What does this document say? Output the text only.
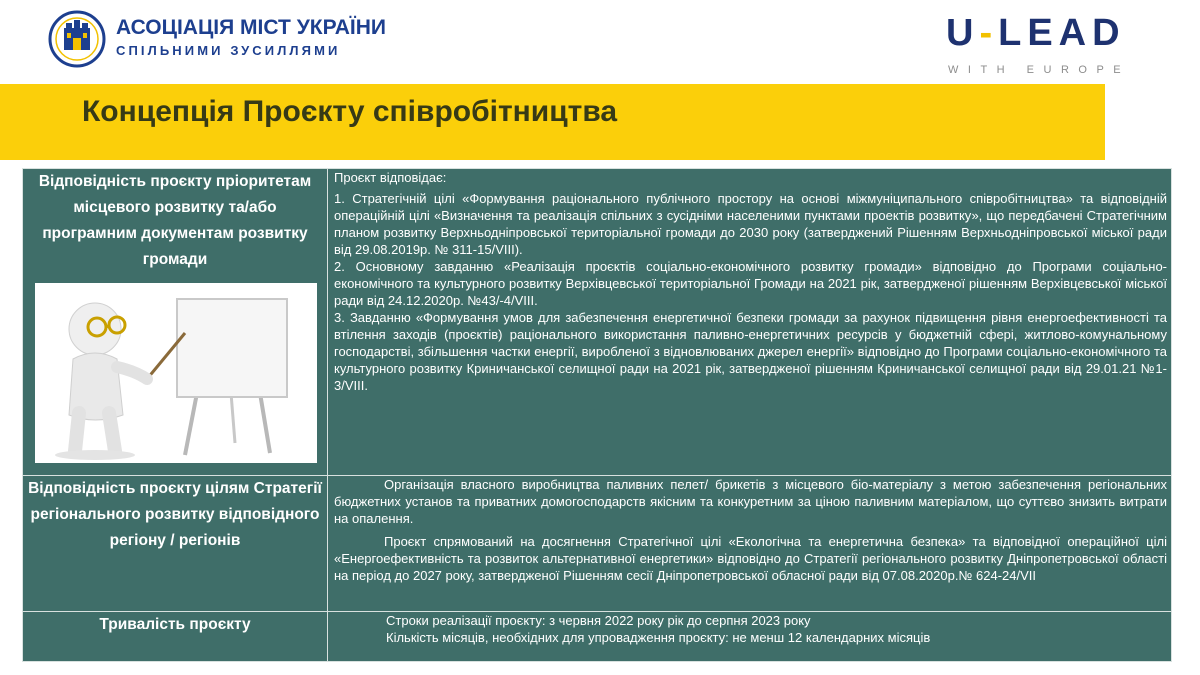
АСОЦІАЦІЯ МІСТ УКРАЇНИ
СПІЛЬНИМИ ЗУСИЛЛЯМИ	U-LEAD
WITH EUROPE
Концепція Проєкту співробітництва
Відповідність проєкту пріоритетам місцевого розвитку та/або програмним документам розвитку громади	Проєкт відповідає:

1. Стратегічній цілі «Формування раціонального публічного простору на основі міжмуніципального співробітництва» та відповідній операційній цілі «Визначення та реалізація спільних з сусідніми населеними пунктами проектів розвитку», що передбачені Стратегічним планом розвитку Верхньодніпровської територіальної громади до 2030 року (затверджений Рішенням Верхньодніпровської міської ради від 29.08.2019р. № 311-15/VIII).

2. Основному завданню «Реалізація проєктів соціально-економічного розвитку громади» відповідно до Програми соціально-економічного та культурного розвитку Верхівцевської територіальної Громади на 2021 рік, затвердженої рішенням Верхівцевської міської ради від 24.12.2020р. №43/-4/VIII.

3. Завданню «Формування умов для забезпечення енергетичної безпеки громади за рахунок підвищення рівня енергоефективності та втілення заходів (проєктів) раціонального використання паливно-енергетичних ресурсів у бюджетній сфері, житлово-комунальному господарстві, збільшення частки енергії, виробленої з відновлюваних джерел енергії» відповідно до Програми соціально-економічного та культурного розвитку Криничанської селищної ради на 2021 рік, затвердженої рішенням Криничанської селищної ради від 29.01.21 №1-3/VIII.

Відповідність проєкту цілям Стратегії регіонального розвитку відповідного регіону / регіонів	Організація власного виробництва паливних пелет/ брикетів з місцевого біо-матеріалу з метою забезпечення регіональних бюджетних установ та приватних домогосподарств якісним та конкуретним за ціною паливним матеріалом, що суттєво знизить витрати на опалення.

Проєкт спрямований на досягнення Стратегічної цілі «Екологічна та енергетична безпека» та відповідної операційної цілі «Енергоефективність та розвиток альтернативної енергетики» відповідно до Стратегії регіонального розвитку Дніпропетровської області на період до 2027 року, затвердженої Рішенням сесії Дніпропетровської обласної ради від 07.08.2020р.№ 624-24/VII

Тривалість проєкту	Строки реалізації проєкту: з червня 2022 року рік до серпня 2023 року

Кількість місяців, необхідних для упровадження проєкту: не менш 12 календарних місяців
